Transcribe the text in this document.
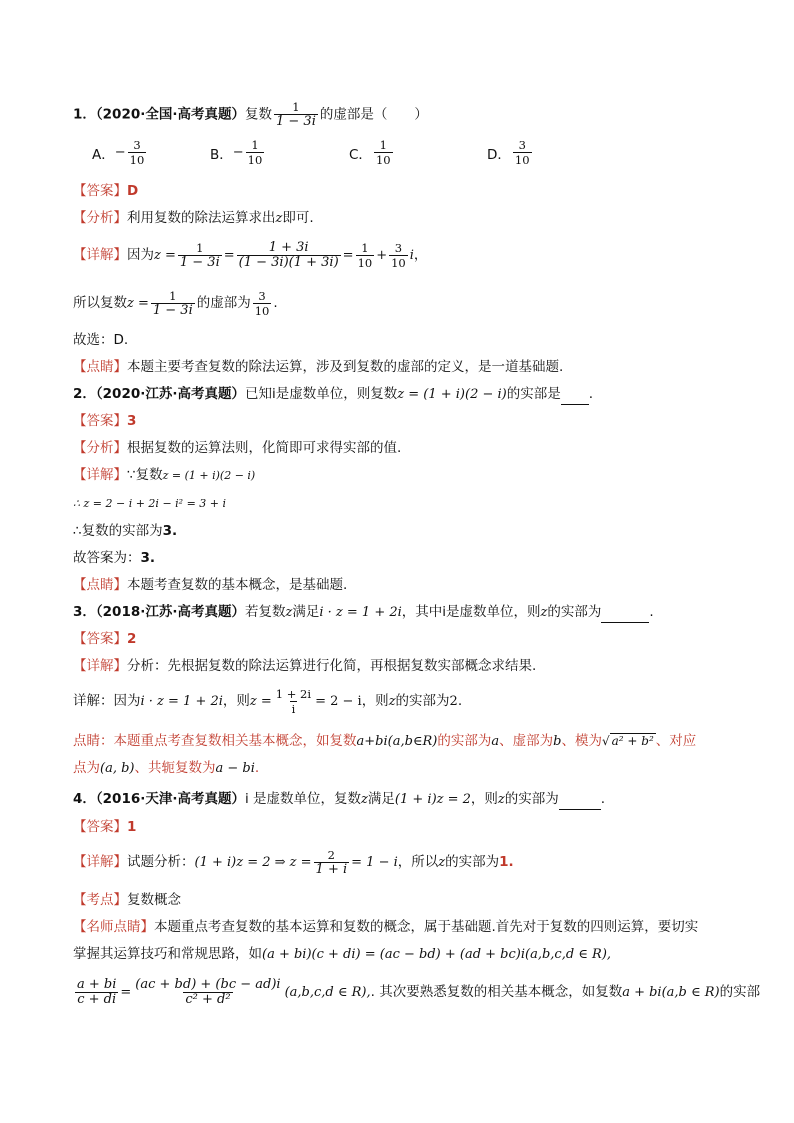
1．（2020·全国·高考真题）复数 $\frac{1}{1 - 3i}$ 的虚部是（　　）
A． − $\frac{3}{10}$	B． − $\frac{1}{10}$	C． $\frac{1}{10}$	D． $\frac{3}{10}$
【答案】D
【分析】利用复数的除法运算求出z即可.
【详解】因为$z = \frac{1}{1 - 3i} = \frac{1 + 3i}{(1 - 3i)(1 + 3i)} = \frac{1}{10} + \frac{3}{10}$ i，
所以复数$z = \frac{1}{1 - 3i}$ 的虚部为 $\frac{3}{10}$ .
故选：D.
【点睛】本题主要考查复数的除法运算，涉及到复数的虚部的定义，是一道基础题.
2．（2020·江苏·高考真题）已知i是虚数单位，则复数z = (1 + i)(2 − i)的实部是 .
【答案】3
【分析】根据复数的运算法则，化简即可求得实部的值.
【详解】∵复数z = (1 + i)(2 − i)
∴ z = 2 − i + 2i − i² = 3 + i
∴复数的实部为3.
故答案为：3.
【点睛】本题考查复数的基本概念，是基础题.
3．（2018·江苏·高考真题）若复数z满足i · z = 1 + 2i，其中i是虚数单位，则z的实部为	.
【答案】2
【详解】分析：先根据复数的除法运算进行化简，再根据复数实部概念求结果.
详解：因为i · z = 1 + 2i，则$z = \frac{1 + 2i}{i} = 2 - i$，则z的实部为2.
点睛：本题重点考查复数相关基本概念，如复数a+bi(a,b∈R)的实部为a、虚部为b、模为√ a² + b² 、对应
点为(a, b)、共轭复数为a − bi.
4．（2016·天津·高考真题）i 是虚数单位，复数z满足(1 + i)z = 2，则z的实部为	.
【答案】1
【详解】试题分析：(1 + i)z = 2 ⇒ $z = \frac{2}{1 + i} = 1 - i$，所以z的实部为1.
【考点】复数概念
【名师点睛】本题重点考查复数的基本运算和复数的概念，属于基础题.首先对于复数的四则运算，要切实
掌握其运算技巧和常规思路，如(a + bi)(c + di) = (ac − bd) + (ad + bc)i(a,b,c,d ∈ R),
$\frac{a + bi}{c + di} = \frac{(ac + bd) + (bc - ad)i}{\text{c² + d²}} (a,b,c,d$ ∈ R),. 其次要熟悉复数的相关基本概念，如复数a + bi(a,b ∈ R)的实部
